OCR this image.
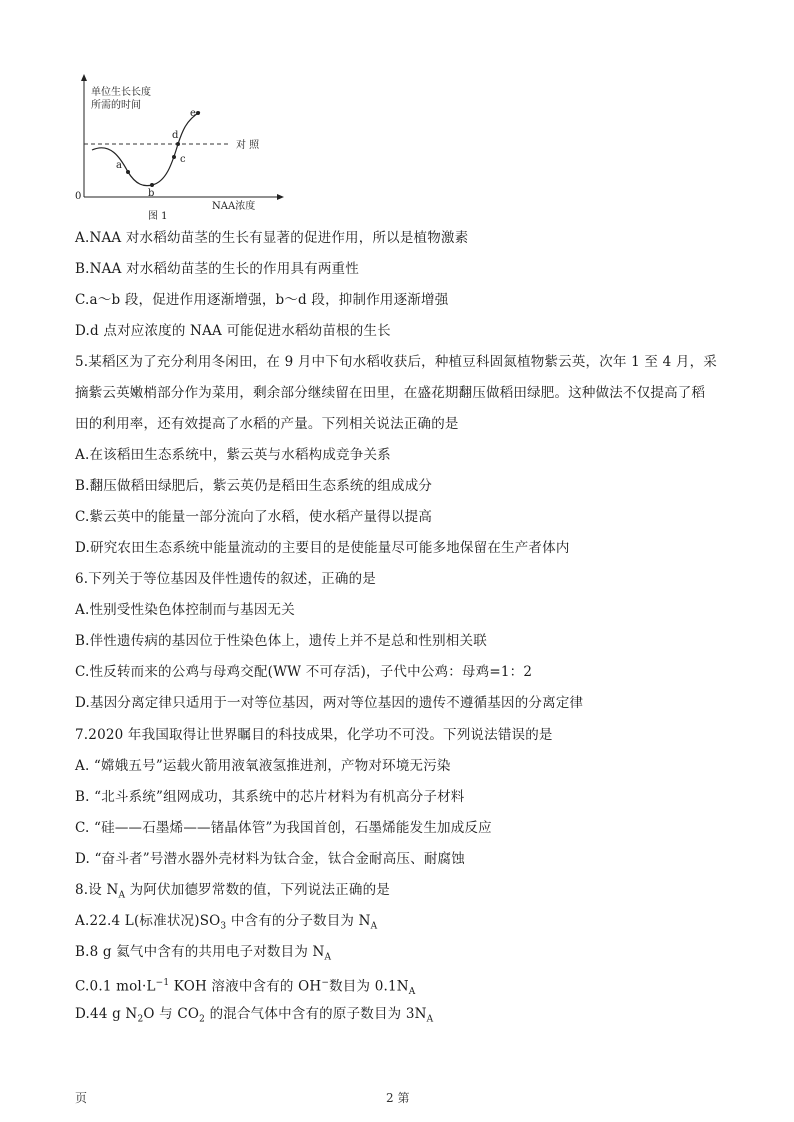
a
b
c
d
e
单位生长长度
所需的时间
对 照
0
NAA浓度
图 1
A.NAA 对水稻幼苗茎的生长有显著的促进作用，所以是植物激素
B.NAA 对水稻幼苗茎的生长的作用具有两重性
C.a～b 段，促进作用逐渐增强，b～d 段，抑制作用逐渐增强
D.d 点对应浓度的 NAA 可能促进水稻幼苗根的生长
5.某稻区为了充分利用冬闲田，在 9 月中下旬水稻收获后，种植豆科固氮植物紫云英，次年 1 至 4 月，采
摘紫云英嫩梢部分作为菜用，剩余部分继续留在田里，在盛花期翻压做稻田绿肥。这种做法不仅提高了稻
田的利用率，还有效提高了水稻的产量。下列相关说法正确的是
A.在该稻田生态系统中，紫云英与水稻构成竞争关系
B.翻压做稻田绿肥后，紫云英仍是稻田生态系统的组成成分
C.紫云英中的能量一部分流向了水稻，使水稻产量得以提高
D.研究农田生态系统中能量流动的主要目的是使能量尽可能多地保留在生产者体内
6.下列关于等位基因及伴性遗传的叙述，正确的是
A.性别受性染色体控制而与基因无关
B.伴性遗传病的基因位于性染色体上，遗传上并不是总和性别相关联
C.性反转而来的公鸡与母鸡交配(WW 不可存活)，子代中公鸡：母鸡=1：2
D.基因分离定律只适用于一对等位基因，两对等位基因的遗传不遵循基因的分离定律
7.2020 年我国取得让世界瞩目的科技成果，化学功不可没。下列说法错误的是
A. “嫦娥五号”运载火箭用液氧液氢推进剂，产物对环境无污染
B. “北斗系统”组网成功，其系统中的芯片材料为有机高分子材料
C. “硅——石墨烯——锗晶体管”为我国首创，石墨烯能发生加成反应
D. “奋斗者”号潜水器外壳材料为钛合金，钛合金耐高压、耐腐蚀
8.设 $N_A$ 为阿伏加德罗常数的值，下列说法正确的是
A.22.4 L(标准状况)$SO_3$ 中含有的分子数目为 $N_A$
B.8 g 氦气中含有的共用电子对数目为 $N_A$
C.0.1 $mol\cdot L^{-1}$ KOH 溶液中含有的 OH−数目为 $0.1N_A$
D.44 g $N_2O$ 与 $CO_2$ 的混合气体中含有的原子数目为 $3N_A$
页	2 第
